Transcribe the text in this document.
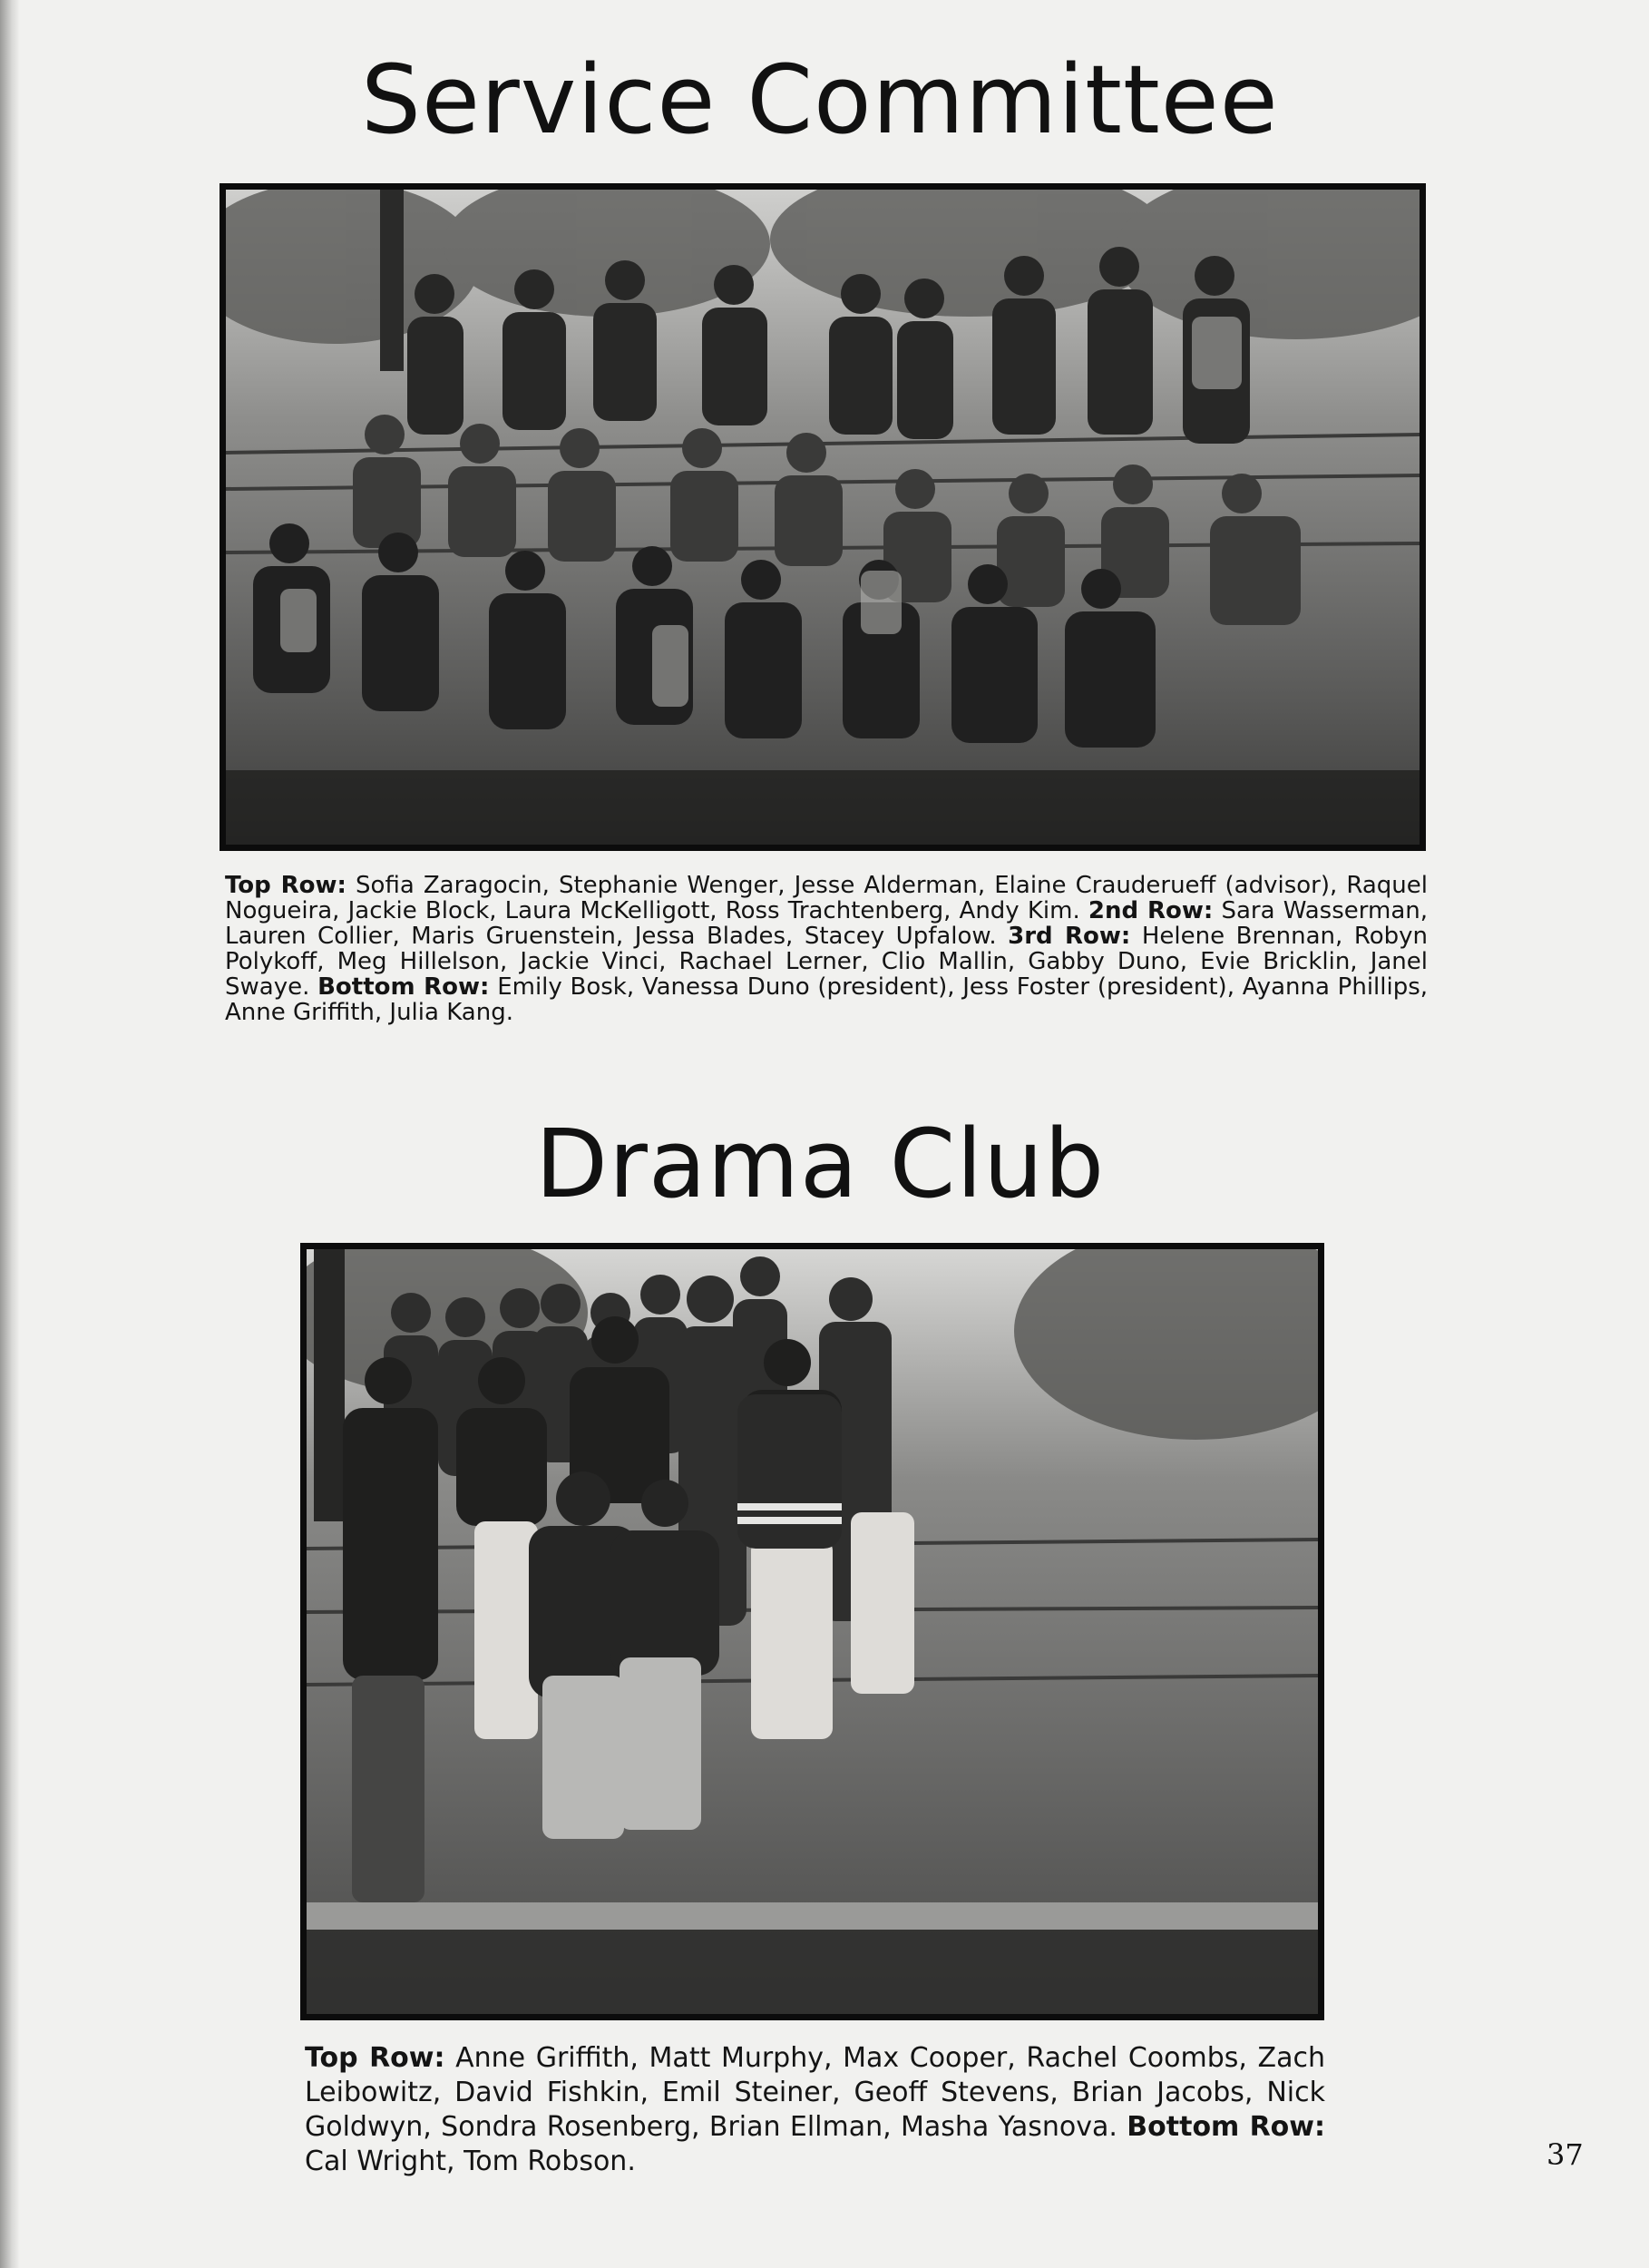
Service Committee

Top Row: Sofia Zaragocin, Stephanie Wenger, Jesse Alderman, Elaine Crauderueff (advisor), Raquel Nogueira, Jackie Block, Laura McKelligott, Ross Trachtenberg, Andy Kim. 2nd Row: Sara Wasserman, Lauren Collier, Maris Gruenstein, Jessa Blades, Stacey Upfalow. 3rd Row: Helene Brennan, Robyn Polykoff, Meg Hillelson, Jackie Vinci, Rachael Lerner, Clio Mallin, Gabby Duno, Evie Bricklin, Janel Swaye. Bottom Row: Emily Bosk, Vanessa Duno (president), Jess Foster (president), Ayanna Phillips, Anne Griffith, Julia Kang.

Drama Club

Top Row: Anne Griffith, Matt Murphy, Max Cooper, Rachel Coombs, Zach Leibowitz, David Fishkin, Emil Steiner, Geoff Stevens, Brian Jacobs, Nick Goldwyn, Sondra Rosenberg, Brian Ellman, Masha Yasnova. Bottom Row: Cal Wright, Tom Robson.	37
